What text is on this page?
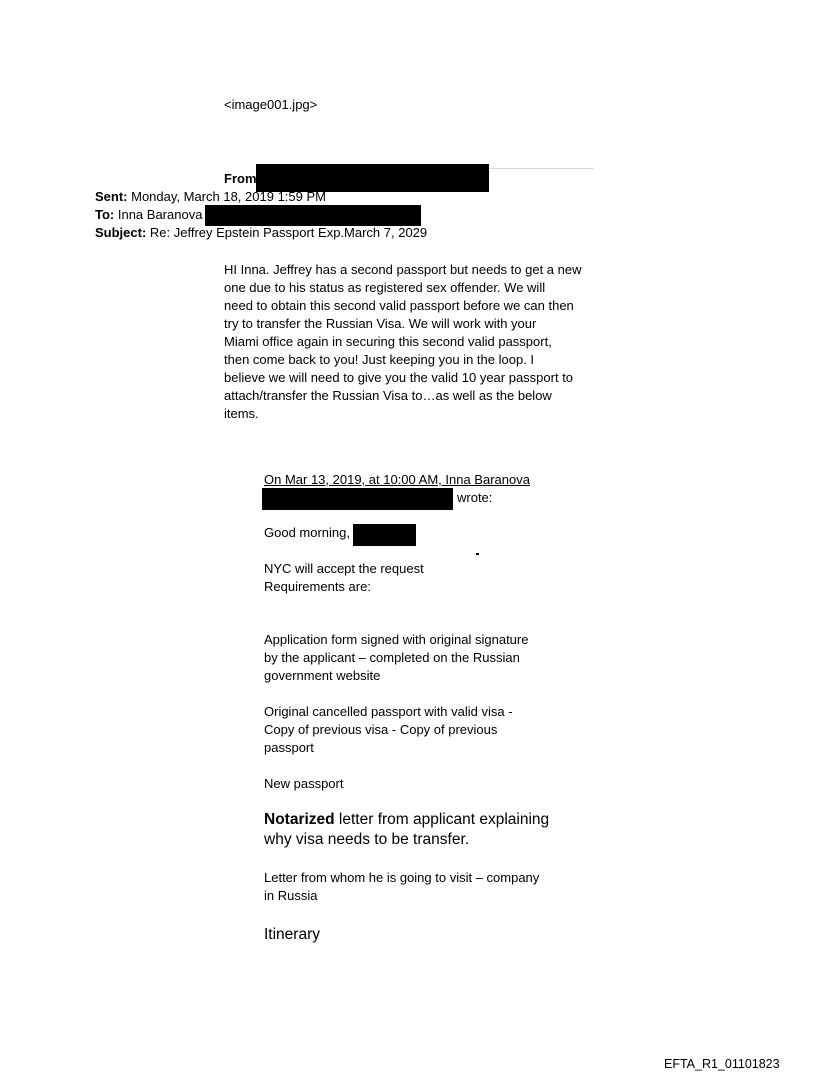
<image001.jpg>
From
Sent: Monday, March 18, 2019 1:59 PM
To: Inna Baranova
Subject: Re: Jeffrey Epstein Passport Exp.March 7, 2029
HI Inna. Jeffrey has a second passport but needs to get a new
one due to his status as registered sex offender. We will
need to obtain this second valid passport before we can then
try to transfer the Russian Visa. We will work with your
Miami office again in securing this second valid passport,
then come back to you! Just keeping you in the loop. I
believe we will need to give you the valid 10 year passport to
attach/transfer the Russian Visa to…as well as the below
items.
On Mar 13, 2019, at 10:00 AM, Inna Baranova
wrote:
Good morning,
NYC will accept the request
Requirements are:
Application form signed with original signature
by the applicant – completed on the Russian
government website
Original cancelled passport with valid visa -
Copy of previous visa - Copy of previous
passport
New passport
Notarized letter from applicant explaining
why visa needs to be transfer.
Letter from whom he is going to visit – company
in Russia
Itinerary
EFTA_R1_01101823
